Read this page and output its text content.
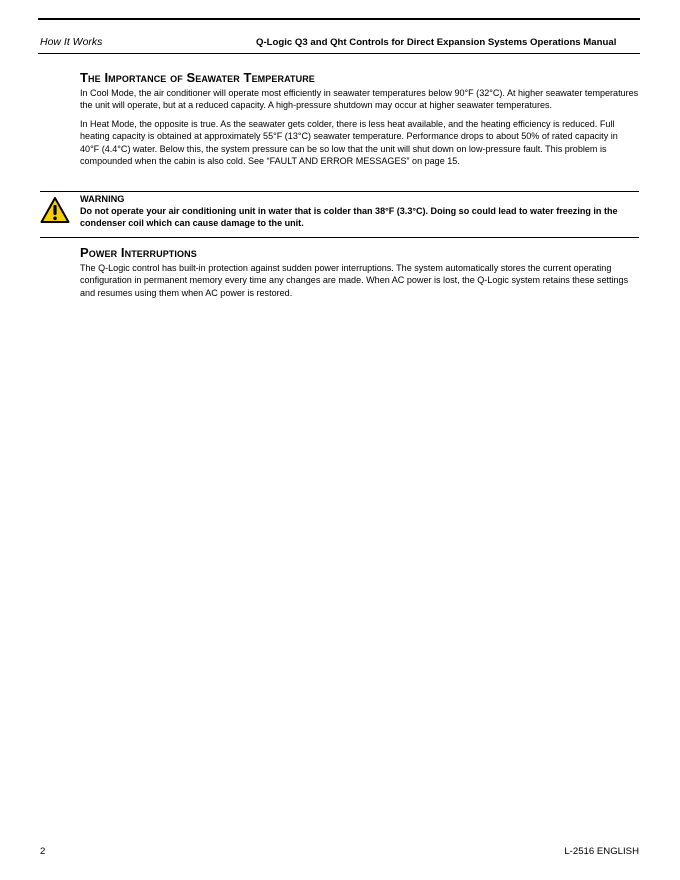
How It Works	Q-Logic Q3 and Qht Controls for Direct Expansion Systems Operations Manual
The Importance of Seawater Temperature

In Cool Mode, the air conditioner will operate most efficiently in seawater temperatures below 90°F (32°C). At higher seawater temperatures the unit will operate, but at a reduced capacity. A high-pressure shutdown may occur at higher seawater temperatures.

In Heat Mode, the opposite is true. As the seawater gets colder, there is less heat available, and the heating efficiency is reduced. Full heating capacity is obtained at approximately 55°F (13°C) seawater temperature. Performance drops to about 50% of rated capacity in 40°F (4.4°C) water. Below this, the system pressure can be so low that the unit will shut down on low-pressure fault. This problem is compounded when the cabin is also cold. See “FAULT AND ERROR MESSAGES” on page 15.

WARNING

Do not operate your air conditioning unit in water that is colder than 38°F (3.3°C). Doing so could lead to water freezing in the condenser coil which can cause damage to the unit.

Power Interruptions

The Q-Logic control has built-in protection against sudden power interruptions. The system automatically stores the current operating configuration in permanent memory every time any changes are made. When AC power is lost, the Q-Logic system retains these settings and resumes using them when AC power is restored.

2	L-2516 ENGLISH
